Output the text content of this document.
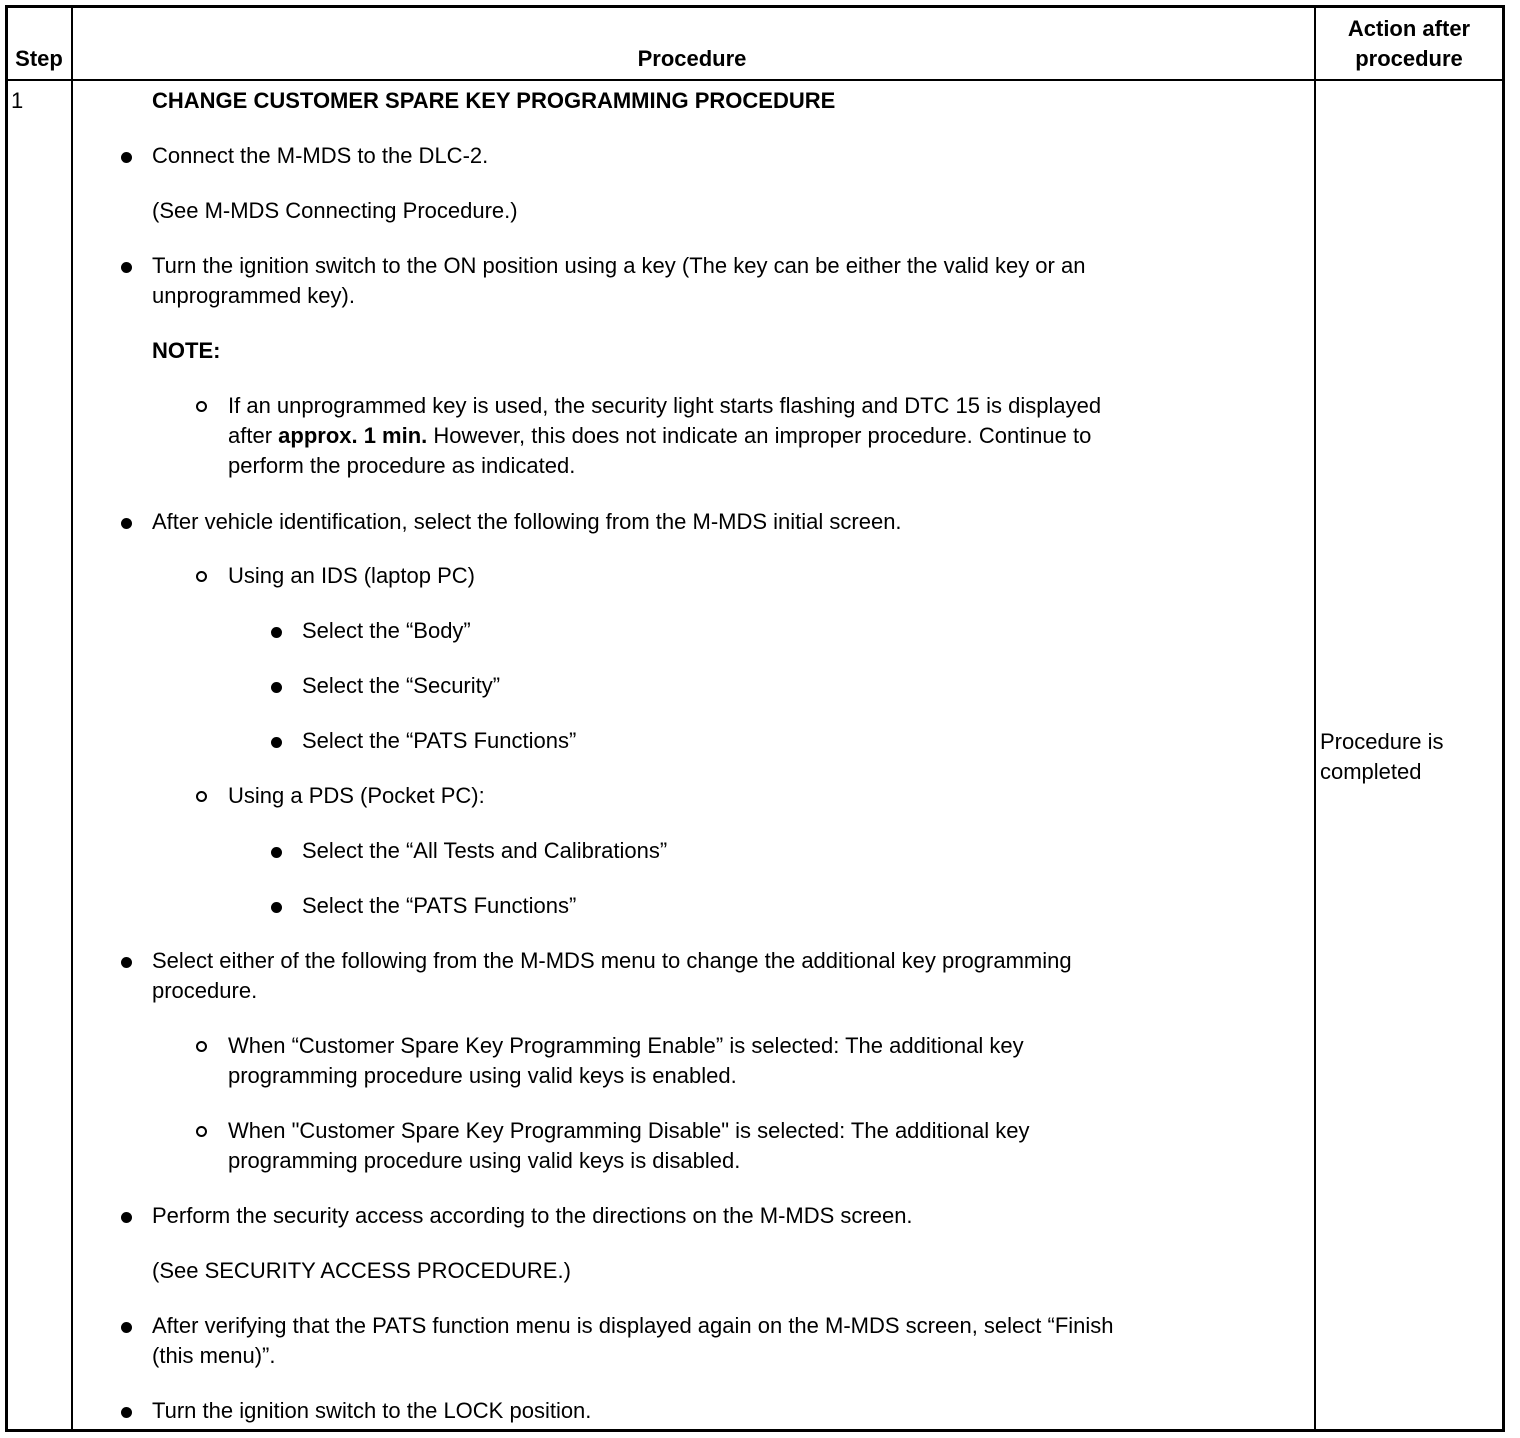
Step	Procedure
Action after
procedure
1
Procedure is
completed
CHANGE CUSTOMER SPARE KEY PROGRAMMING PROCEDURE
Connect the M-MDS to the DLC-2.
(See M-MDS Connecting Procedure.)
Turn the ignition switch to the ON position using a key (The key can be either the valid key or an
unprogrammed key).
NOTE:
If an unprogrammed key is used, the security light starts flashing and DTC 15 is displayed
after approx. 1 min. However, this does not indicate an improper procedure. Continue to
perform the procedure as indicated.
After vehicle identification, select the following from the M-MDS initial screen.
Using an IDS (laptop PC)
Select the “Body”
Select the “Security”
Select the “PATS Functions”
Using a PDS (Pocket PC):
Select the “All Tests and Calibrations”
Select the “PATS Functions”
Select either of the following from the M-MDS menu to change the additional key programming
procedure.
When “Customer Spare Key Programming Enable” is selected: The additional key
programming procedure using valid keys is enabled.
When "Customer Spare Key Programming Disable" is selected: The additional key
programming procedure using valid keys is disabled.
Perform the security access according to the directions on the M-MDS screen.
(See SECURITY ACCESS PROCEDURE.)
After verifying that the PATS function menu is displayed again on the M-MDS screen, select “Finish
(this menu)”.
Turn the ignition switch to the LOCK position.
